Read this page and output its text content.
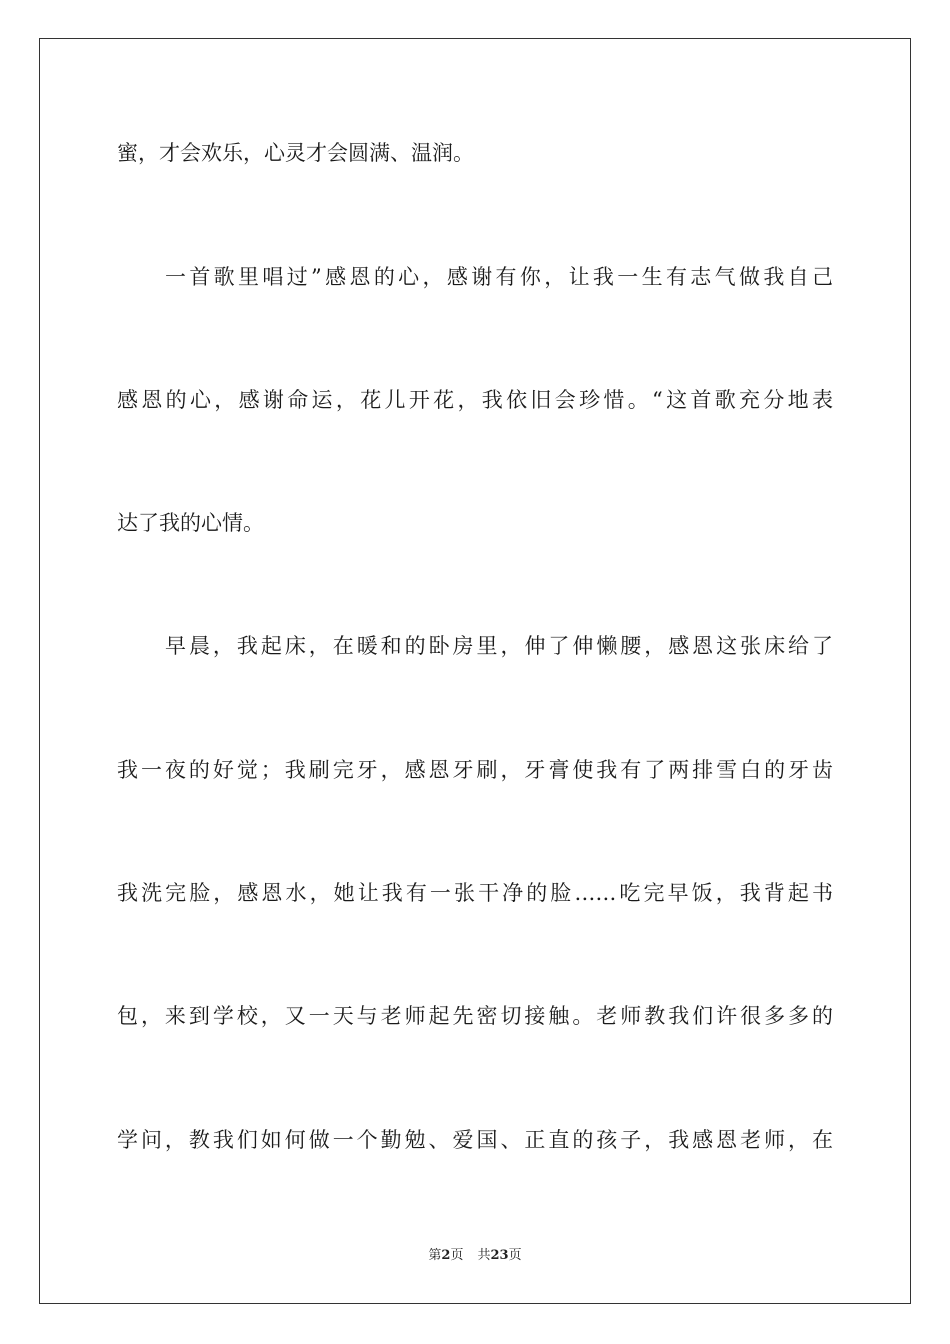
蜜，才会欢乐，心灵才会圆满、温润。
一首歌里唱过”感恩的心，感谢有你，让我一生有志气做我自己
感恩的心，感谢命运，花儿开花，我依旧会珍惜。“这首歌充分地表
达了我的心情。
早晨，我起床，在暖和的卧房里，伸了伸懒腰，感恩这张床给了
我一夜的好觉；我刷完牙，感恩牙刷，牙膏使我有了两排雪白的牙齿
我洗完脸，感恩水，她让我有一张干净的脸……吃完早饭，我背起书
包，来到学校，又一天与老师起先密切接触。老师教我们许很多多的
学问，教我们如何做一个勤勉、爱国、正直的孩子，我感恩老师，在
第2页 共23页
